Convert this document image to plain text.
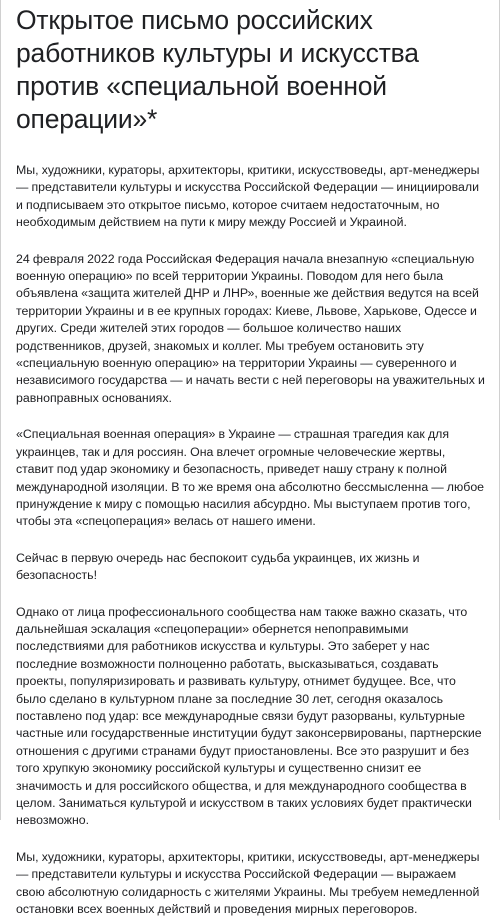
Открытое письмо российских работников культуры и искусства против «специальной военной операции»*

Мы, художники, кураторы, архитекторы, критики, искусствоведы, арт-менеджеры — представители культуры и искусства Российской Федерации — инициировали и подписываем это открытое письмо, которое считаем недостаточным, но необходимым действием на пути к миру между Россией и Украиной.

24 февраля 2022 года Российская Федерация начала внезапную «специальную военную операцию» по всей территории Украины. Поводом для него была объявлена «защита жителей ДНР и ЛНР», военные же действия ведутся на всей территории Украины и в ее крупных городах: Киеве, Львове, Харькове, Одессе и других. Среди жителей этих городов — большое количество наших родственников, друзей, знакомых и коллег. Мы требуем остановить эту «специальную военную операцию» на территории Украины — суверенного и независимого государства — и начать вести с ней переговоры на уважительных и равноправных основаниях.

«Специальная военная операция» в Украине — страшная трагедия как для украинцев, так и для россиян. Она влечет огромные человеческие жертвы, ставит под удар экономику и безопасность, приведет нашу страну к полной международной изоляции. В то же время она абсолютно бессмысленна — любое принуждение к миру с помощью насилия абсурдно. Мы выступаем против того, чтобы эта «спецоперация» велась от нашего имени.

Сейчас в первую очередь нас беспокоит судьба украинцев, их жизнь и безопасность!

Однако от лица профессионального сообщества нам также важно сказать, что дальнейшая эскалация «спецоперации» обернется непоправимыми последствиями для работников искусства и культуры. Это заберет у нас последние возможности полноценно работать, высказываться, создавать проекты, популяризировать и развивать культуру, отнимет будущее. Все, что было сделано в культурном плане за последние 30 лет, сегодня оказалось поставлено под удар: все международные связи будут разорваны, культурные частные или государственные институции будут законсервированы, партнерские отношения с другими странами будут приостановлены. Все это разрушит и без того хрупкую экономику российской культуры и существенно снизит ее значимость и для российского общества, и для международного сообщества в целом. Заниматься культурой и искусством в таких условиях будет практически невозможно.

Мы, художники, кураторы, архитекторы, критики, искусствоведы, арт-менеджеры — представители культуры и искусства Российской Федерации — выражаем свою абсолютную солидарность с жителями Украины. Мы требуем немедленной остановки всех военных действий и проведения мирных переговоров.
